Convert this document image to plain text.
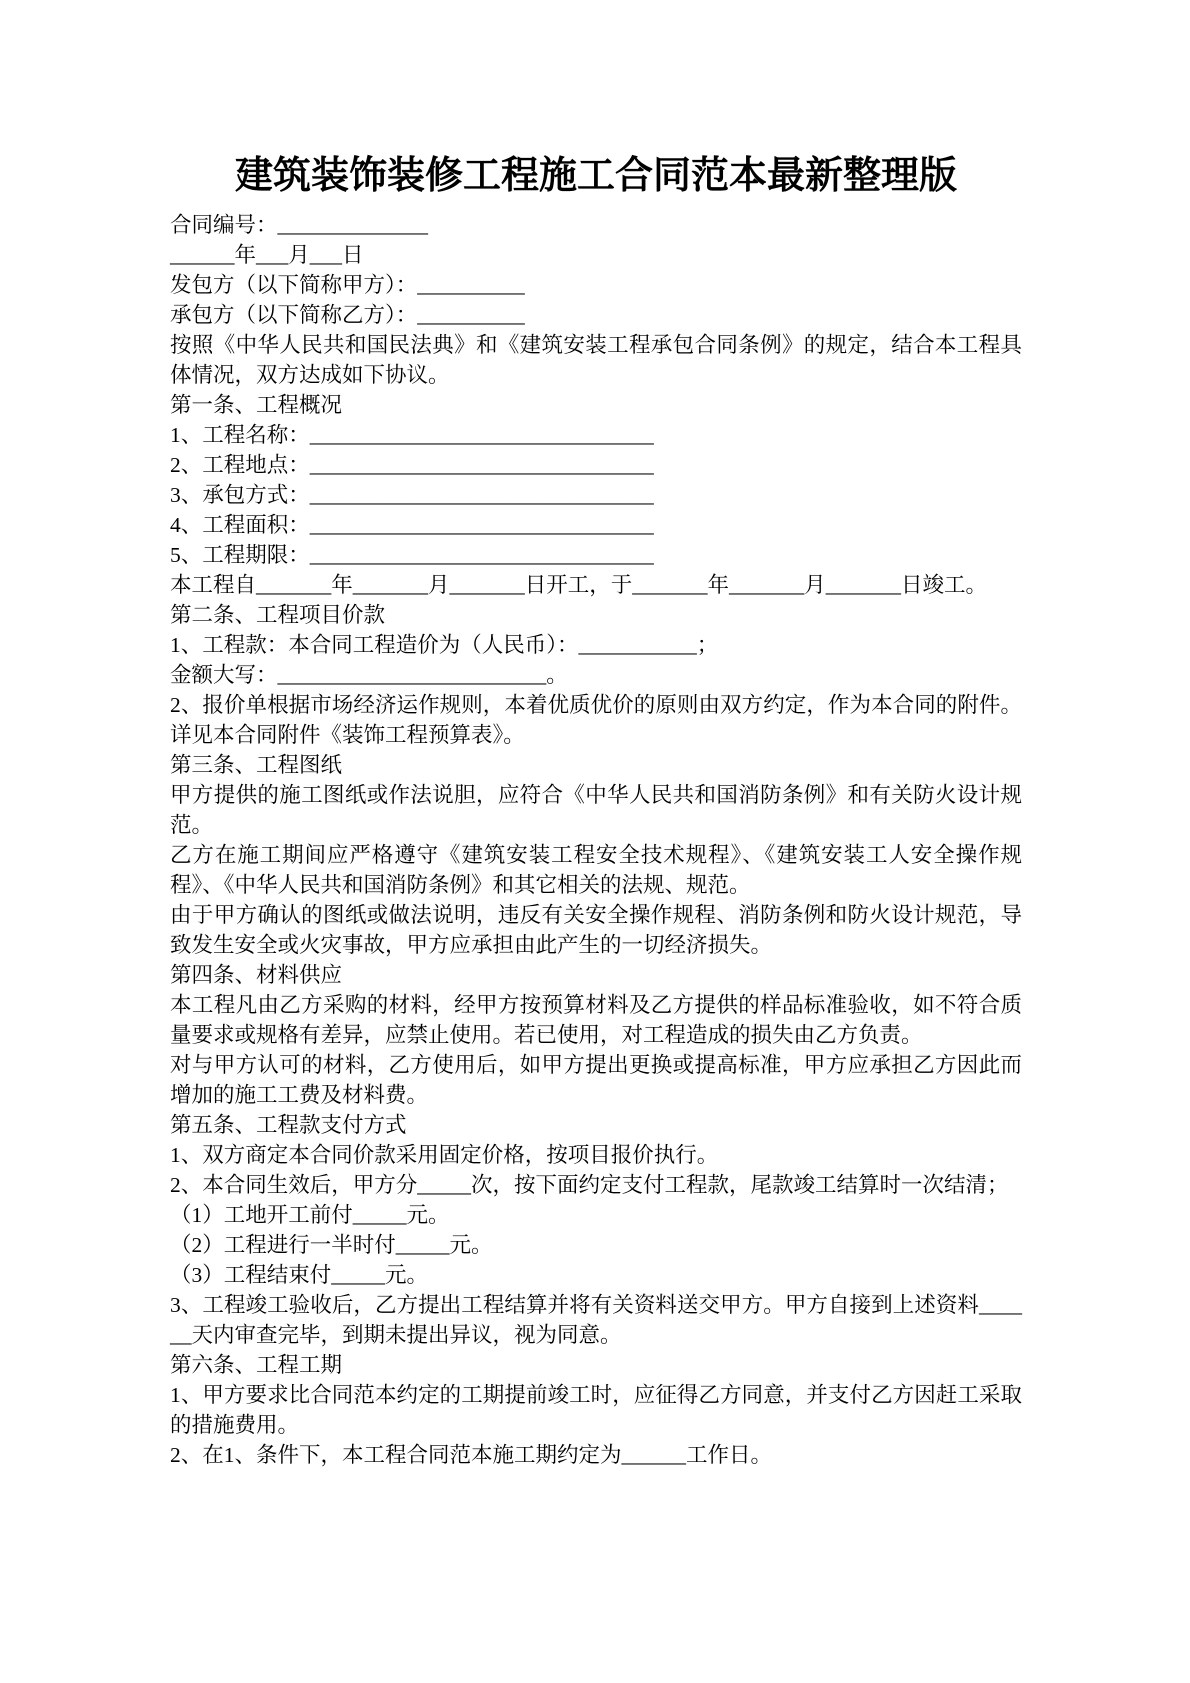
建筑装饰装修工程施工合同范本最新整理版

合同编号：______________

______年___月___日

发包方（以下简称甲方）：__________

承包方（以下简称乙方）：__________

按照《中华人民共和国民法典》和《建筑安装工程承包合同条例》的规定，结合本工程具体情况，双方达成如下协议。

第一条、工程概况

1、工程名称：________________________________

2、工程地点：________________________________

3、承包方式：________________________________

4、工程面积：________________________________

5、工程期限：________________________________

本工程自_______年_______月_______日开工，于_______年_______月_______日竣工。

第二条、工程项目价款

1、工程款：本合同工程造价为（人民币）：___________；

金额大写：_________________________。

2、报价单根据市场经济运作规则，本着优质优价的原则由双方约定，作为本合同的附件。详见本合同附件《装饰工程预算表》。

第三条、工程图纸

甲方提供的施工图纸或作法说胆，应符合《中华人民共和国消防条例》和有关防火设计规范。

乙方在施工期间应严格遵守《建筑安装工程安全技术规程》、《建筑安装工人安全操作规程》、《中华人民共和国消防条例》和其它相关的法规、规范。

由于甲方确认的图纸或做法说明，违反有关安全操作规程、消防条例和防火设计规范，导致发生安全或火灾事故，甲方应承担由此产生的一切经济损失。

第四条、材料供应

本工程凡由乙方采购的材料，经甲方按预算材料及乙方提供的样品标准验收，如不符合质量要求或规格有差异，应禁止使用。若已使用，对工程造成的损失由乙方负责。

对与甲方认可的材料，乙方使用后，如甲方提出更换或提高标准，甲方应承担乙方因此而增加的施工工费及材料费。

第五条、工程款支付方式

1、双方商定本合同价款采用固定价格，按项目报价执行。

2、本合同生效后，甲方分_____次，按下面约定支付工程款，尾款竣工结算时一次结清；

（1）工地开工前付_____元。

（2）工程进行一半时付_____元。

（3）工程结束付_____元。

3、工程竣工验收后，乙方提出工程结算并将有关资料送交甲方。甲方自接到上述资料______天内审查完毕，到期未提出异议，视为同意。

第六条、工程工期

1、甲方要求比合同范本约定的工期提前竣工时，应征得乙方同意，并支付乙方因赶工采取的措施费用。

2、在1、条件下，本工程合同范本施工期约定为______工作日。
